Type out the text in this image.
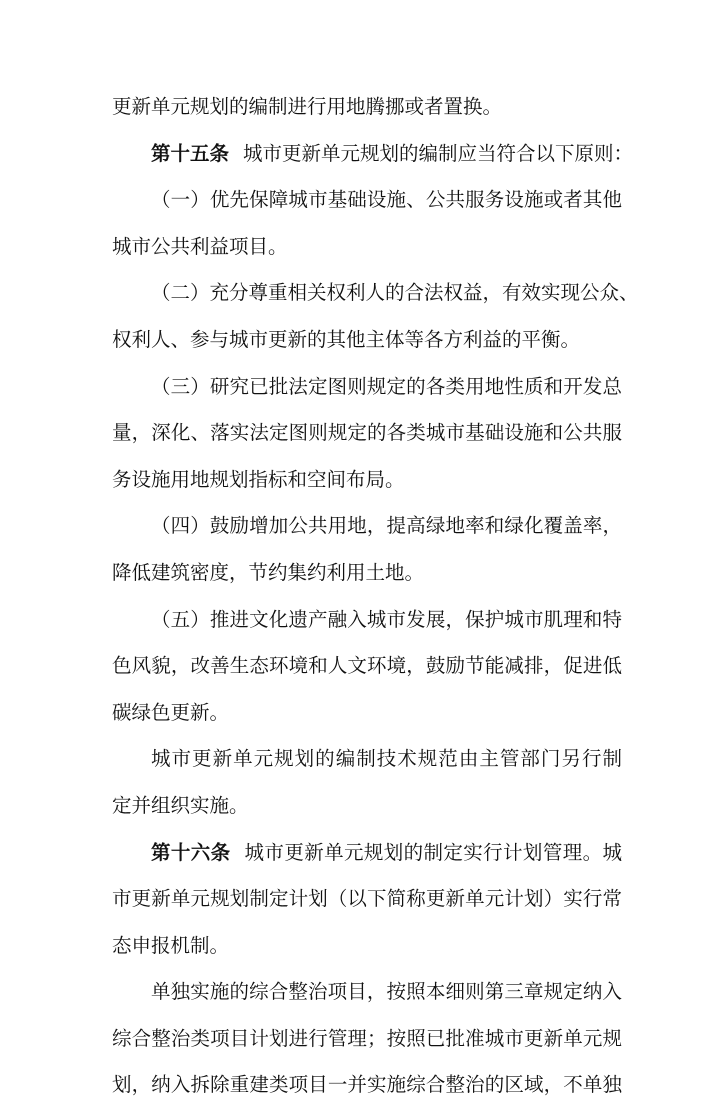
更新单元规划的编制进行用地腾挪或者置换。
第十五条 城市更新单元规划的编制应当符合以下原则：
（一）优先保障城市基础设施、公共服务设施或者其他
城市公共利益项目。
（二）充分尊重相关权利人的合法权益，有效实现公众、
权利人、参与城市更新的其他主体等各方利益的平衡。
（三）研究已批法定图则规定的各类用地性质和开发总
量，深化、落实法定图则规定的各类城市基础设施和公共服
务设施用地规划指标和空间布局。
（四）鼓励增加公共用地，提高绿地率和绿化覆盖率，
降低建筑密度，节约集约利用土地。
（五）推进文化遗产融入城市发展，保护城市肌理和特
色风貌，改善生态环境和人文环境，鼓励节能减排，促进低
碳绿色更新。
城市更新单元规划的编制技术规范由主管部门另行制
定并组织实施。
第十六条 城市更新单元规划的制定实行计划管理。城
市更新单元规划制定计划（以下简称更新单元计划）实行常
态申报机制。
单独实施的综合整治项目，按照本细则第三章规定纳入
综合整治类项目计划进行管理；按照已批准城市更新单元规
划，纳入拆除重建类项目一并实施综合整治的区域，不单独
